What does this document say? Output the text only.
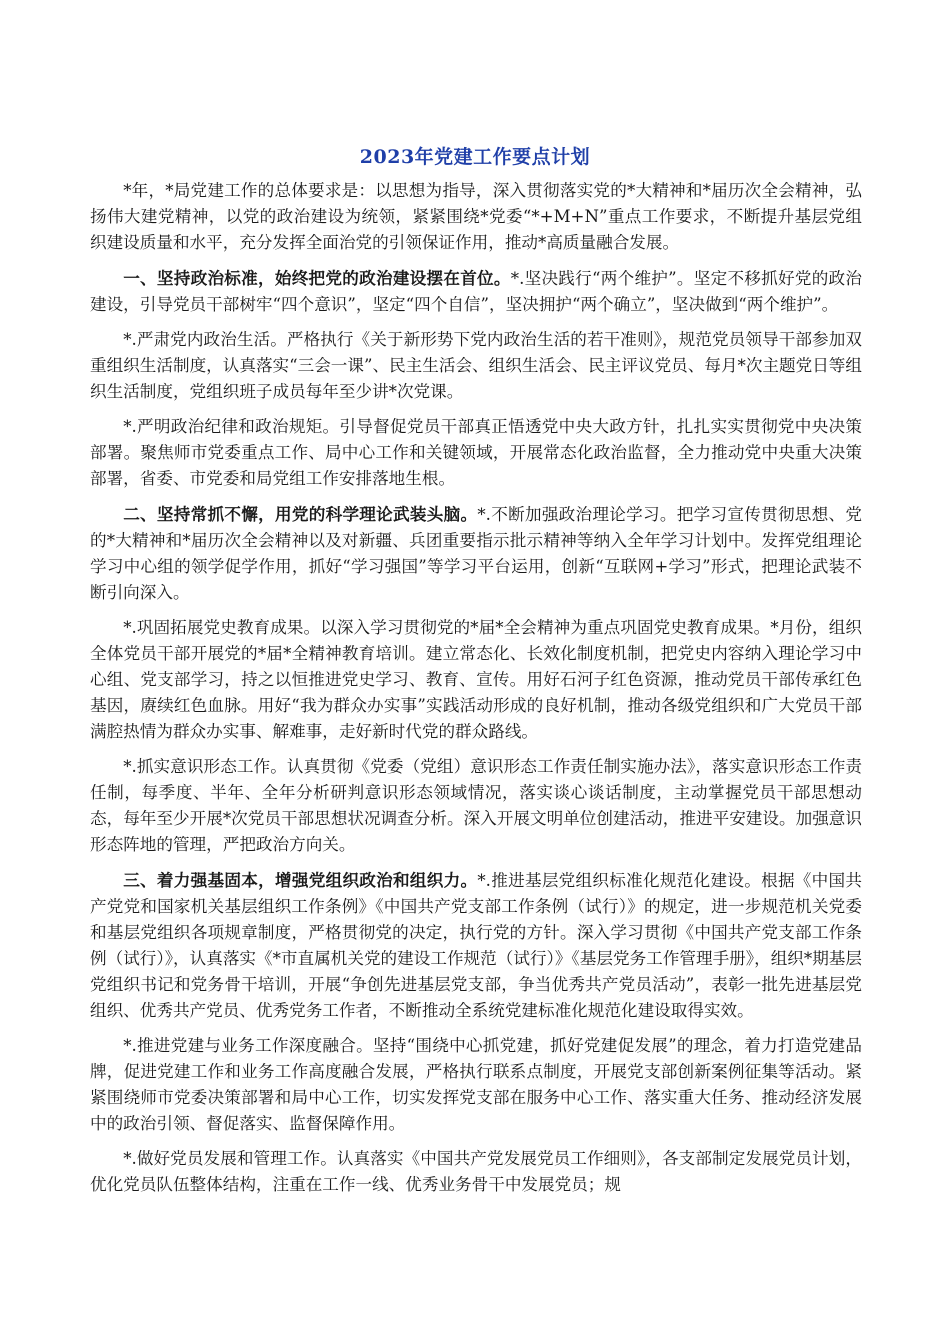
2023年党建工作要点计划

*年，*局党建工作的总体要求是：以思想为指导，深入贯彻落实党的*大精神和*届历次全会精神，弘扬伟大建党精神，以党的政治建设为统领，紧紧围绕*党委“*+M+N”重点工作要求，不断提升基层党组织建设质量和水平，充分发挥全面治党的引领保证作用，推动*高质量融合发展。

一、坚持政治标准，始终把党的政治建设摆在首位。*.坚决践行“两个维护”。坚定不移抓好党的政治建设，引导党员干部树牢“四个意识”，坚定“四个自信”，坚决拥护“两个确立”，坚决做到“两个维护”。

*.严肃党内政治生活。严格执行《关于新形势下党内政治生活的若干准则》，规范党员领导干部参加双重组织生活制度，认真落实“三会一课”、民主生活会、组织生活会、民主评议党员、每月*次主题党日等组织生活制度，党组织班子成员每年至少讲*次党课。

*.严明政治纪律和政治规矩。引导督促党员干部真正悟透党中央大政方针，扎扎实实贯彻党中央决策部署。聚焦师市党委重点工作、局中心工作和关键领域，开展常态化政治监督，全力推动党中央重大决策部署，省委、市党委和局党组工作安排落地生根。

二、坚持常抓不懈，用党的科学理论武装头脑。*.不断加强政治理论学习。把学习宣传贯彻思想、党的*大精神和*届历次全会精神以及对新疆、兵团重要指示批示精神等纳入全年学习计划中。发挥党组理论学习中心组的领学促学作用，抓好“学习强国”等学习平台运用，创新“互联网+学习”形式，把理论武装不断引向深入。

*.巩固拓展党史教育成果。以深入学习贯彻党的*届*全会精神为重点巩固党史教育成果。*月份，组织全体党员干部开展党的*届*全精神教育培训。建立常态化、长效化制度机制，把党史内容纳入理论学习中心组、党支部学习，持之以恒推进党史学习、教育、宣传。用好石河子红色资源，推动党员干部传承红色基因，赓续红色血脉。用好“我为群众办实事”实践活动形成的良好机制，推动各级党组织和广大党员干部满腔热情为群众办实事、解难事，走好新时代党的群众路线。

*.抓实意识形态工作。认真贯彻《党委（党组）意识形态工作责任制实施办法》，落实意识形态工作责任制，每季度、半年、全年分析研判意识形态领域情况，落实谈心谈话制度，主动掌握党员干部思想动态，每年至少开展*次党员干部思想状况调查分析。深入开展文明单位创建活动，推进平安建设。加强意识形态阵地的管理，严把政治方向关。

三、着力强基固本，增强党组织政治和组织力。*.推进基层党组织标准化规范化建设。根据《中国共产党党和国家机关基层组织工作条例》《中国共产党支部工作条例（试行）》的规定，进一步规范机关党委和基层党组织各项规章制度，严格贯彻党的决定，执行党的方针。深入学习贯彻《中国共产党支部工作条例（试行）》，认真落实《*市直属机关党的建设工作规范（试行）》《基层党务工作管理手册》，组织*期基层党组织书记和党务骨干培训，开展“争创先进基层党支部，争当优秀共产党员活动”，表彰一批先进基层党组织、优秀共产党员、优秀党务工作者，不断推动全系统党建标准化规范化建设取得实效。

*.推进党建与业务工作深度融合。坚持“围绕中心抓党建，抓好党建促发展”的理念，着力打造党建品牌，促进党建工作和业务工作高度融合发展，严格执行联系点制度，开展党支部创新案例征集等活动。紧紧围绕师市党委决策部署和局中心工作，切实发挥党支部在服务中心工作、落实重大任务、推动经济发展中的政治引领、督促落实、监督保障作用。

*.做好党员发展和管理工作。认真落实《中国共产党发展党员工作细则》，各支部制定发展党员计划，优化党员队伍整体结构，注重在工作一线、优秀业务骨干中发展党员；规
